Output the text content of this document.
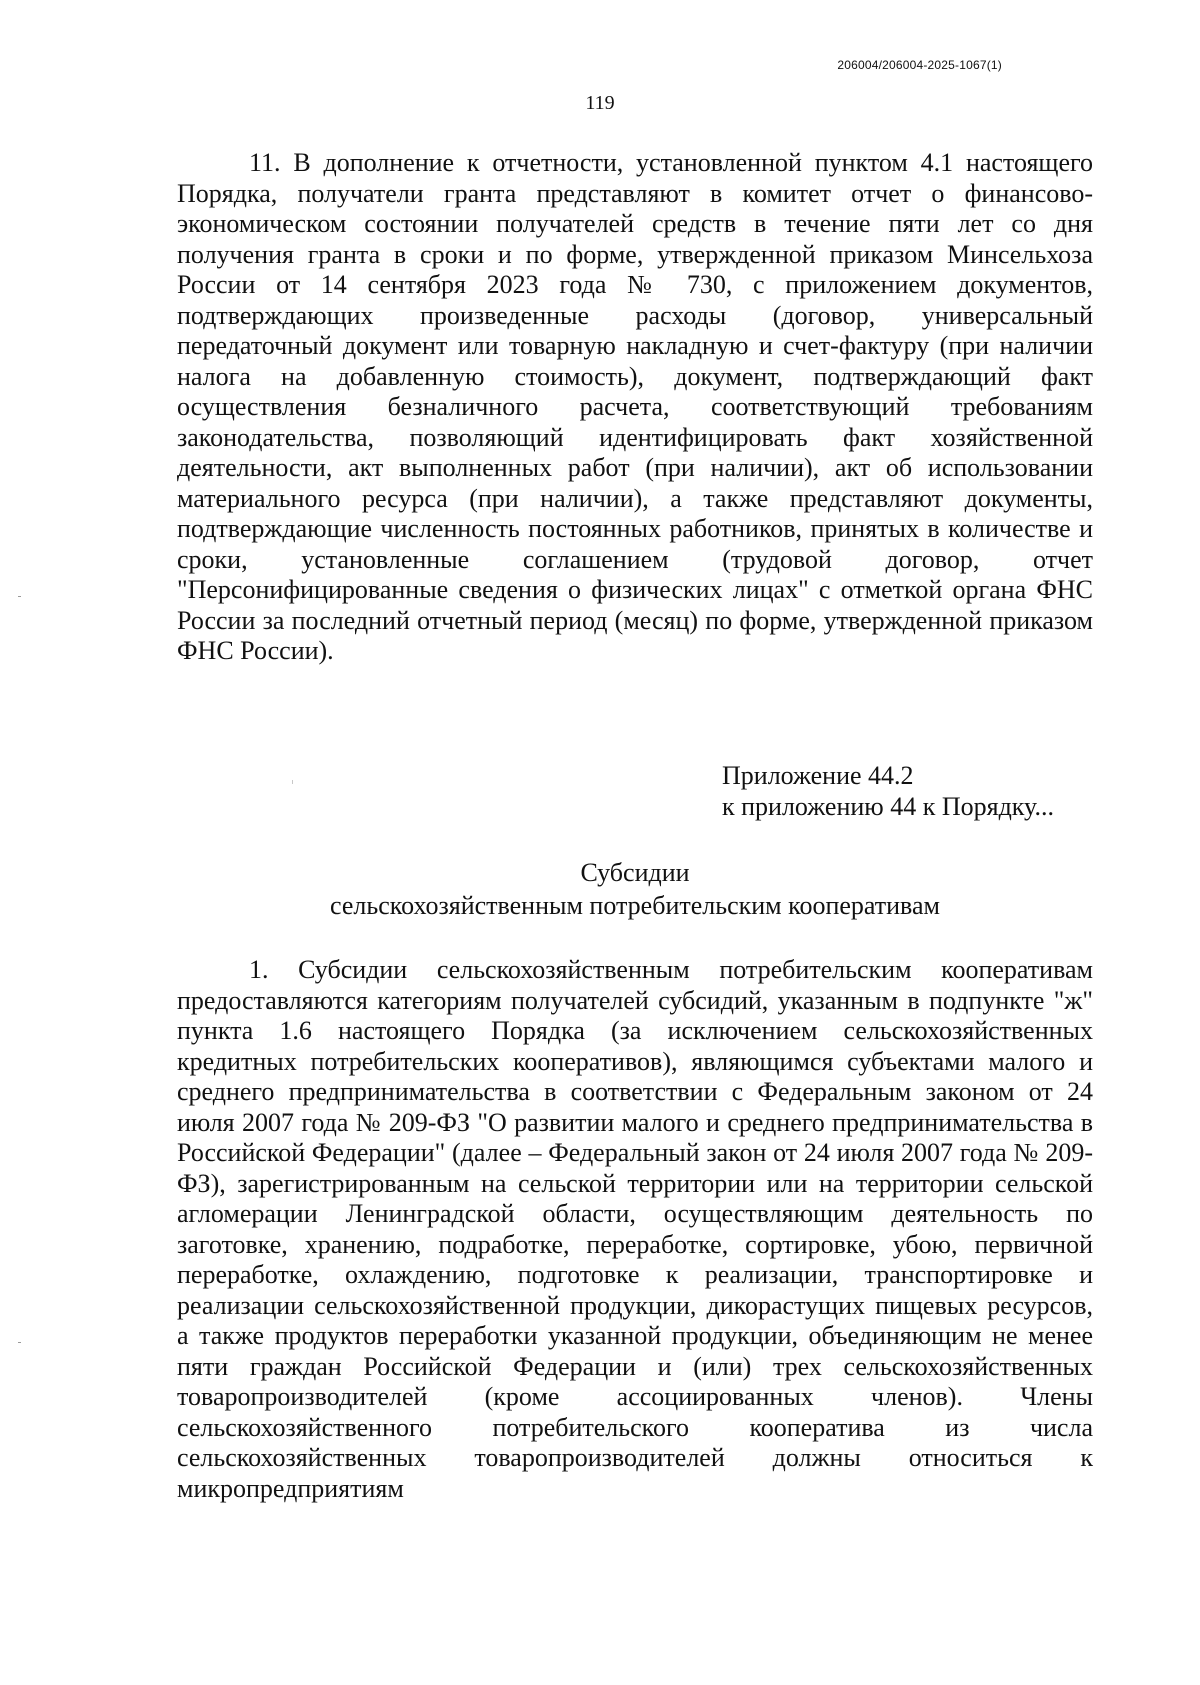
206004/206004-2025-1067(1)
119

11. В дополнение к отчетности, установленной пунктом 4.1 настоящего Порядка, получатели гранта представляют в комитет отчет о финансово-экономическом состоянии получателей средств в течение пяти лет со дня получения гранта в сроки и по форме, утвержденной приказом Минсельхоза России от 14 сентября 2023 года № 730, с приложением документов, подтверждающих произведенные расходы (договор, универсальный передаточный документ или товарную накладную и счет-фактуру (при наличии налога на добавленную стоимость), документ, подтверждающий факт осуществления безналичного расчета, соответствующий требованиям законодательства, позволяющий идентифицировать факт хозяйственной деятельности, акт выполненных работ (при наличии), акт об использовании материального ресурса (при наличии), а также представляют документы, подтверждающие численность постоянных работников, принятых в количестве и сроки, установленные соглашением (трудовой договор, отчет "Персонифицированные сведения о физических лицах" с отметкой органа ФНС России за последний отчетный период (месяц) по форме, утвержденной приказом ФНС России).

Приложение 44.2
к приложению 44 к Порядку...
Субсидии
сельскохозяйственным потребительским кооперативам

1. Субсидии сельскохозяйственным потребительским кооперативам предоставляются категориям получателей субсидий, указанным в подпункте "ж" пункта 1.6 настоящего Порядка (за исключением сельскохозяйственных кредитных потребительских кооперативов), являющимся субъектами малого и среднего предпринимательства в соответствии с Федеральным законом от 24 июля 2007 года № 209-ФЗ "О развитии малого и среднего предпринимательства в Российской Федерации" (далее – Федеральный закон от 24 июля 2007 года № 209-ФЗ), зарегистрированным на сельской территории или на территории сельской агломерации Ленинградской области, осуществляющим деятельность по заготовке, хранению, подработке, переработке, сортировке, убою, первичной переработке, охлаждению, подготовке к реализации, транспортировке и реализации сельскохозяйственной продукции, дикорастущих пищевых ресурсов, а также продуктов переработки указанной продукции, объединяющим не менее пяти граждан Российской Федерации и (или) трех сельскохозяйственных товаропроизводителей (кроме ассоциированных членов). Члены сельскохозяйственного потребительского кооператива из числа сельскохозяйственных товаропроизводителей должны относиться к микропредприятиям
